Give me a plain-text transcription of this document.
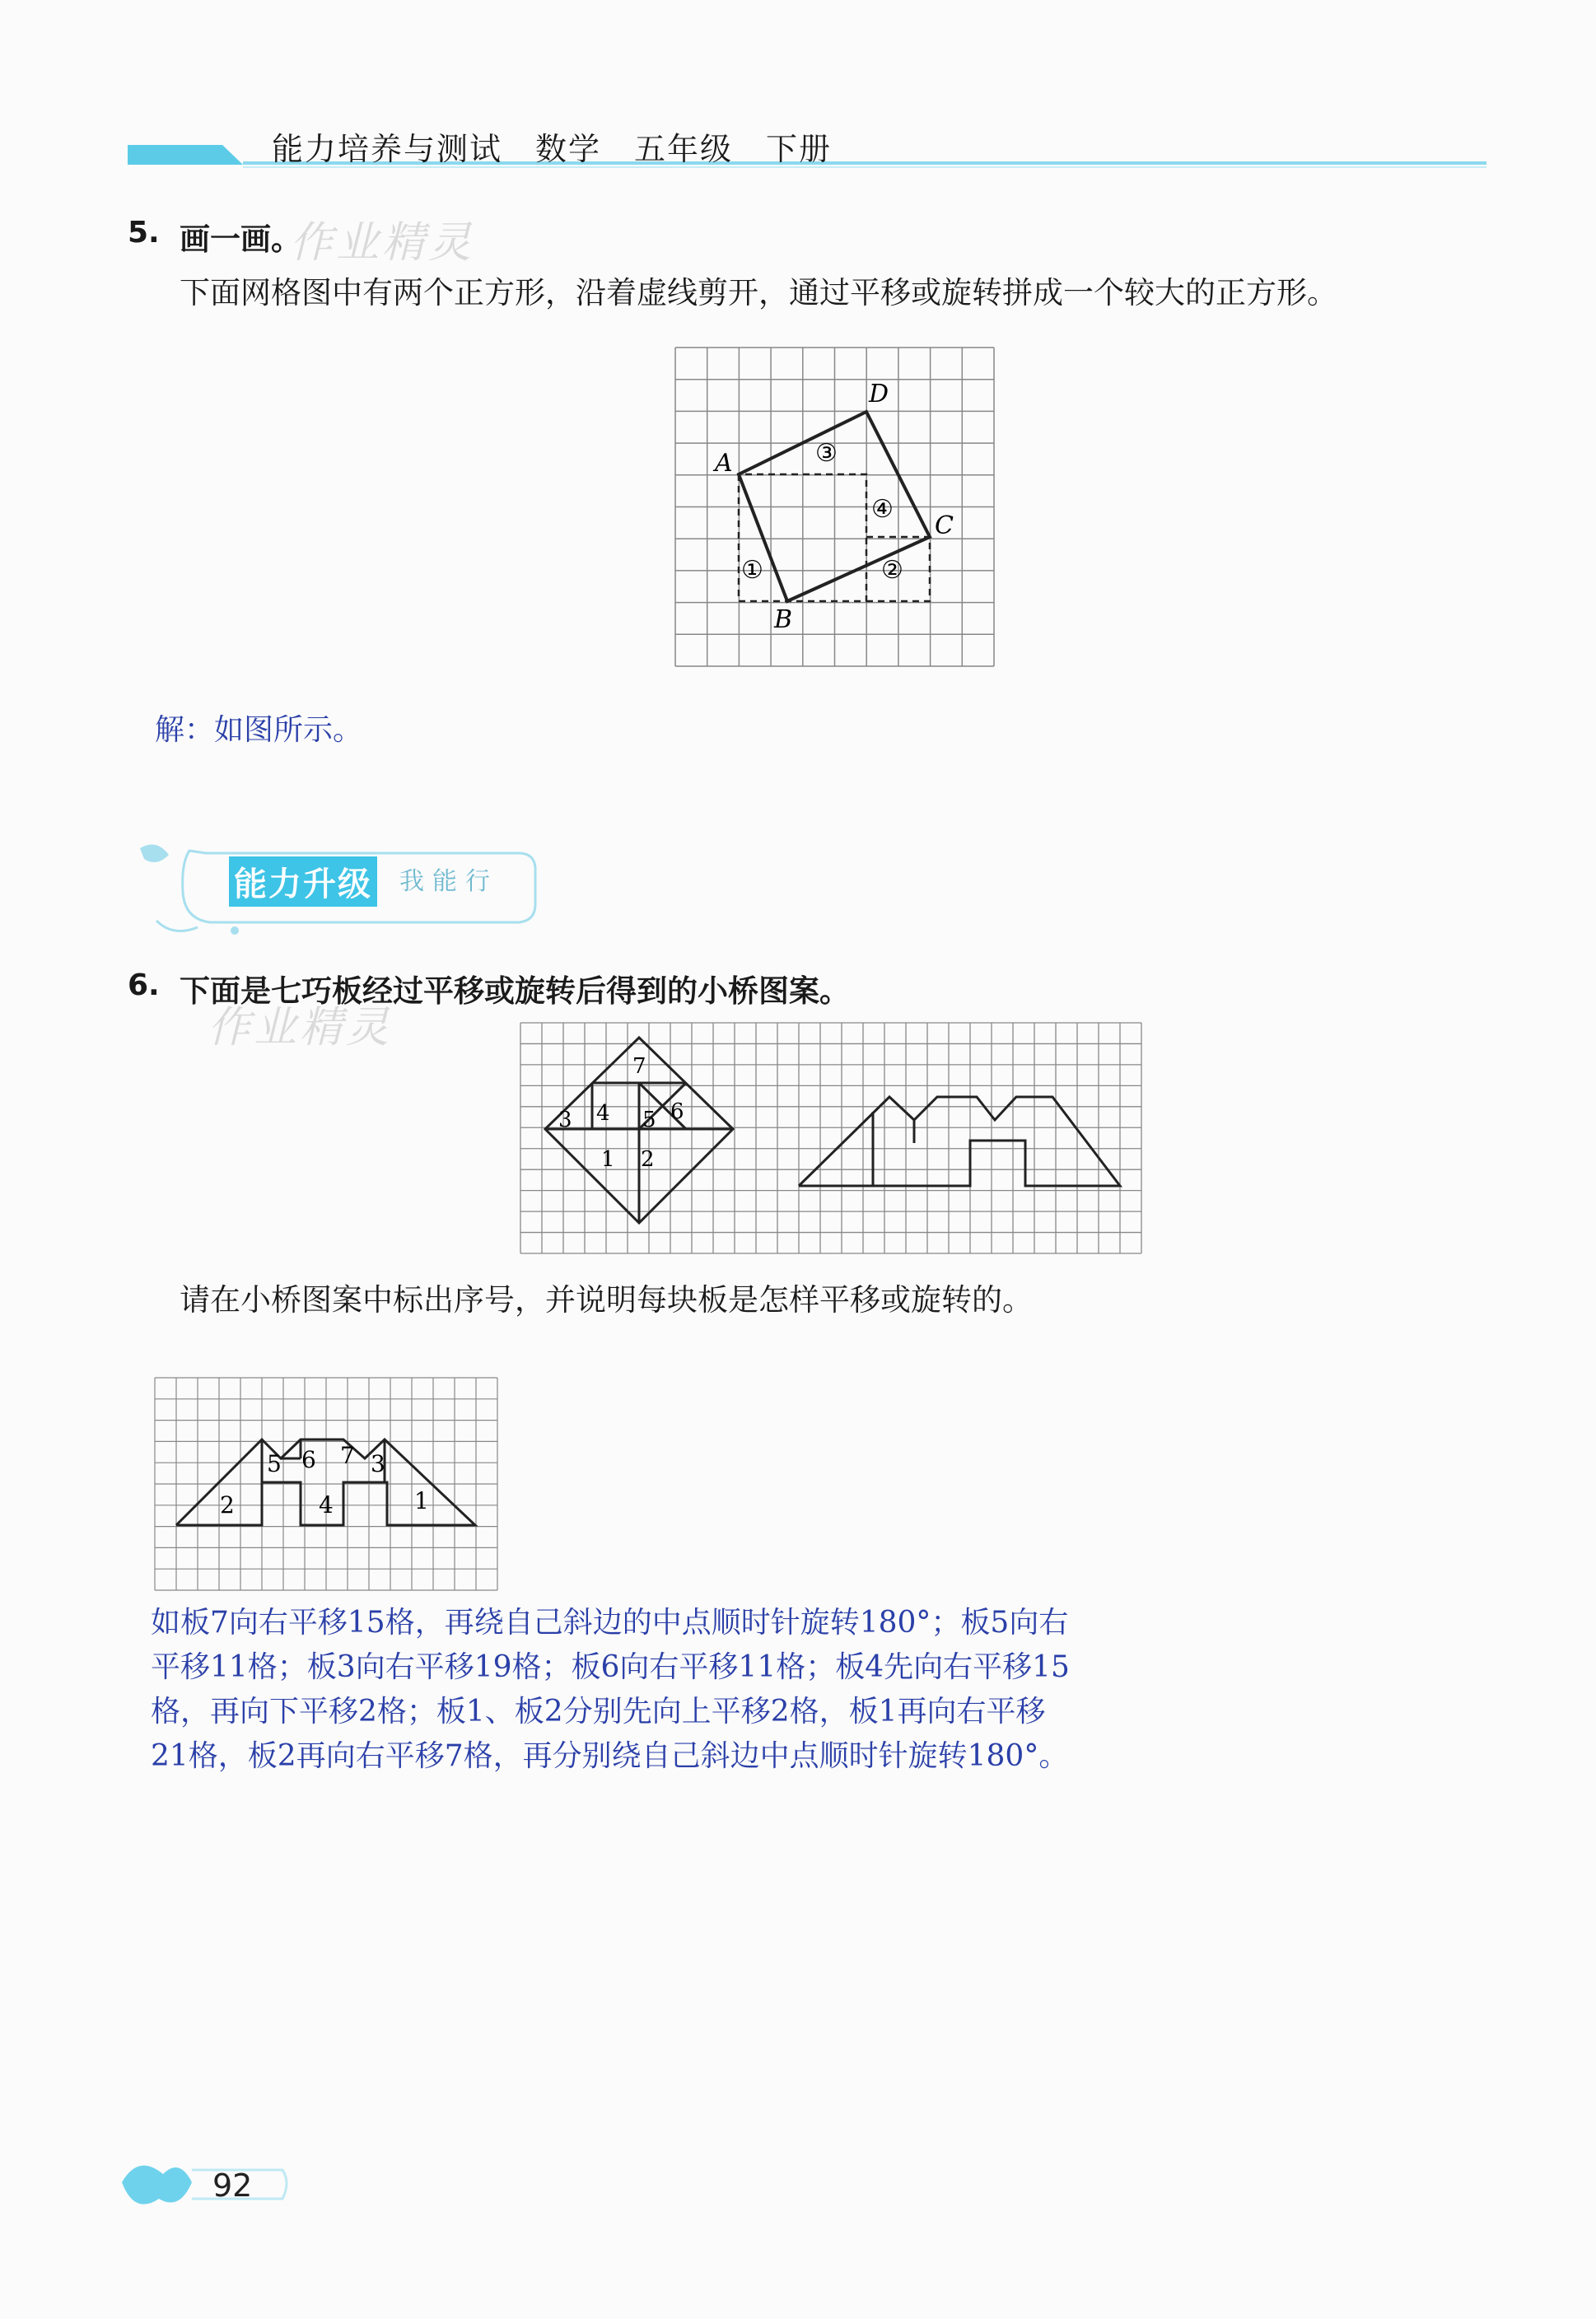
能力培养与测试　数学　五年级　下册
5. 画一画。
作业精灵
下面网格图中有两个正方形，沿着虚线剪开，通过平移或旋转拼成一个较大的正方形。
A
B
C
D
①	②
③
④
解：如图所示。
能力升级 我能行
6. 下面是七巧板经过平移或旋转后得到的小桥图案。
作业精灵
7
3 4 5 6
1 2
请在小桥图案中标出序号，并说明每块板是怎样平移或旋转的。
2
5 6 7 3
4	1
如板7向右平移15格，再绕自己斜边的中点顺时针旋转180°；板5向右
平移11格；板3向右平移19格；板6向右平移11格；板4先向右平移15
格，再向下平移2格；板1、板2分别先向上平移2格，板1再向右平移
21格，板2再向右平移7格，再分别绕自己斜边中点顺时针旋转180°。
92
